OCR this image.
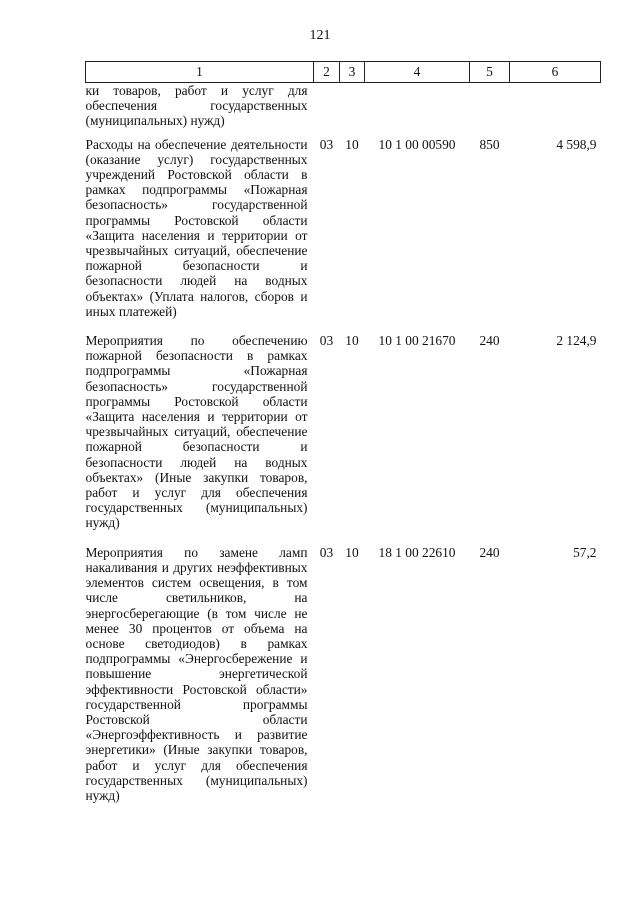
121
1	2	3	4	5	6
ки товаров, работ и услуг для обеспечения государственных (муниципальных) нужд)					
Расходы на обеспечение деятельности (оказание услуг) государственных учреждений Ростовской области в рамках подпрограммы «Пожарная безопасность» государственной программы Ростовской области «Защита населения и территории от чрезвычайных ситуаций, обеспечение пожарной безопасности и безопасности людей на водных объектах» (Уплата налогов, сборов и иных платежей)	03	10	10 1 00 00590	850	4 598,9
Мероприятия по обеспечению пожарной безопасности в рамках подпрограммы «Пожарная безопасность» государственной программы Ростовской области «Защита населения и территории от чрезвычайных ситуаций, обеспечение пожарной безопасности и безопасности людей на водных объектах» (Иные закупки товаров, работ и услуг для обеспечения государственных (муниципальных) нужд)	03	10	10 1 00 21670	240	2 124,9
Мероприятия по замене ламп накаливания и других неэффективных элементов систем освещения, в том числе светильников, на энергосберегающие (в том числе не менее 30 процентов от объема на основе светодиодов) в рамках подпрограммы «Энергосбережение и повышение энергетической эффективности Ростовской области» государственной программы Ростовской области «Энергоэффективность и развитие энергетики» (Иные закупки товаров, работ и услуг для обеспечения государственных (муниципальных) нужд)	03	10	18 1 00 22610	240	57,2
